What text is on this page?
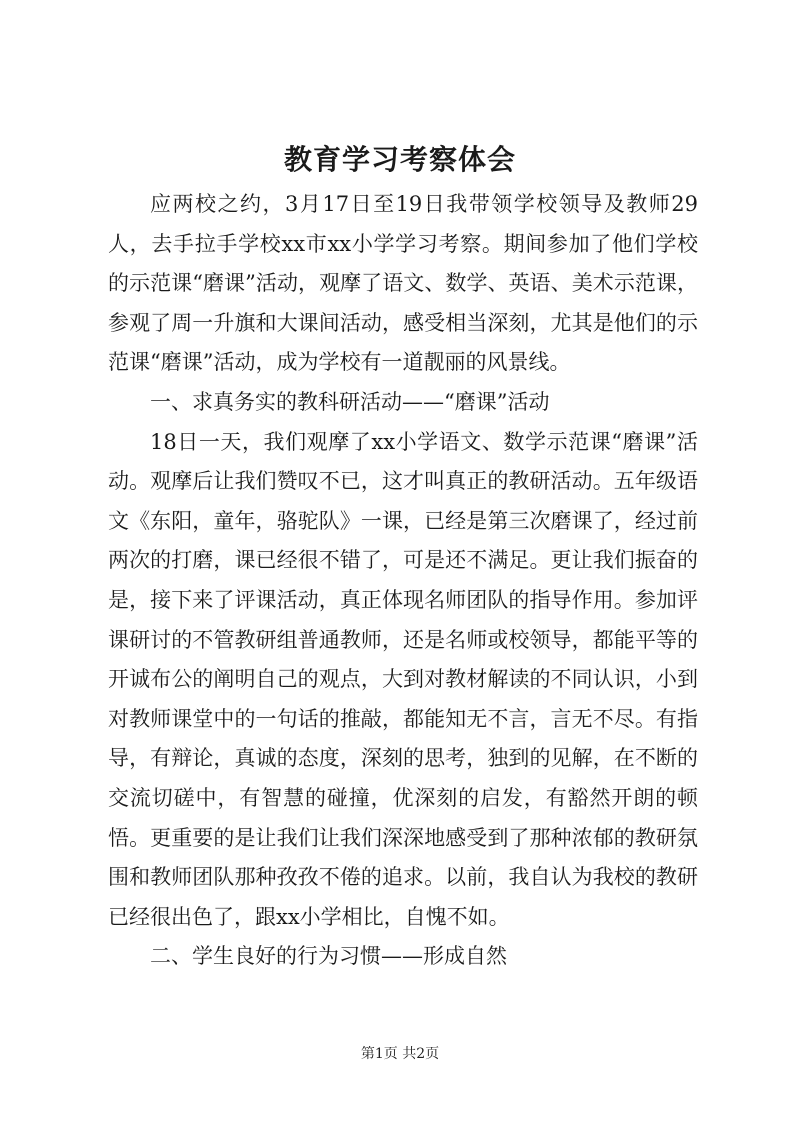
教育学习考察体会

应两校之约，3月17日至19日我带领学校领导及教师29人，去手拉手学校xx市xx小学学习考察。期间参加了他们学校的示范课“磨课”活动，观摩了语文、数学、英语、美术示范课，参观了周一升旗和大课间活动，感受相当深刻，尤其是他们的示范课“磨课”活动，成为学校有一道靓丽的风景线。

一、求真务实的教科研活动——“磨课”活动

18日一天，我们观摩了xx小学语文、数学示范课“磨课”活动。观摩后让我们赞叹不已，这才叫真正的教研活动。五年级语文《东阳，童年，骆驼队》一课，已经是第三次磨课了，经过前两次的打磨，课已经很不错了，可是还不满足。更让我们振奋的是，接下来了评课活动，真正体现名师团队的指导作用。参加评课研讨的不管教研组普通教师，还是名师或校领导，都能平等的开诚布公的阐明自己的观点，大到对教材解读的不同认识，小到对教师课堂中的一句话的推敲，都能知无不言，言无不尽。有指导，有辩论，真诚的态度，深刻的思考，独到的见解，在不断的交流切磋中，有智慧的碰撞，优深刻的启发，有豁然开朗的顿悟。更重要的是让我们让我们深深地感受到了那种浓郁的教研氛围和教师团队那种孜孜不倦的追求。以前，我自认为我校的教研已经很出色了，跟xx小学相比，自愧不如。

二、学生良好的行为习惯——形成自然

第1页 共2页
